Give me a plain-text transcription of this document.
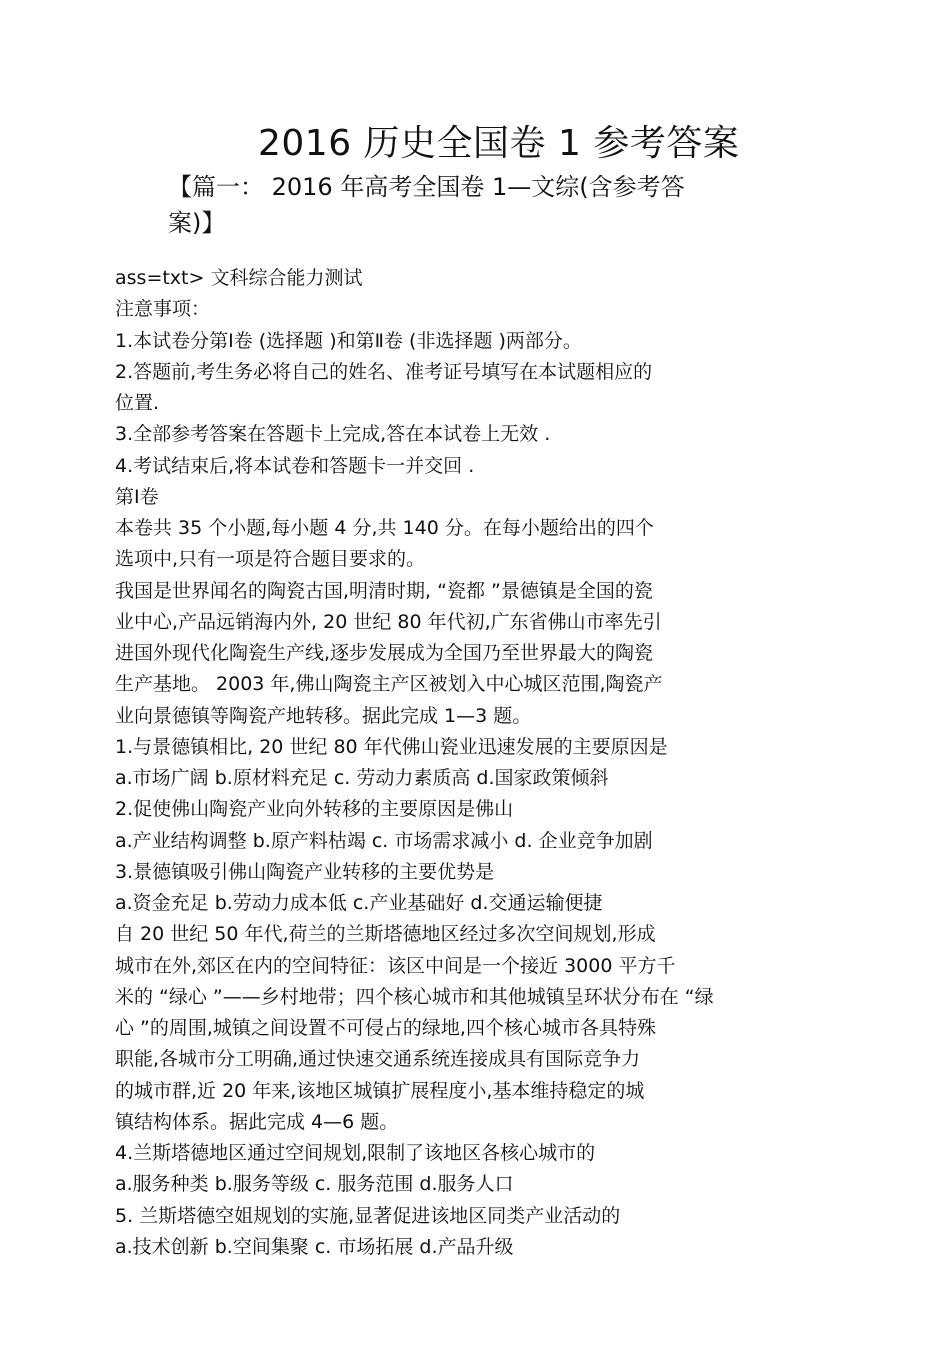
2016 历史全国卷 1 参考答案
【篇一： 2016 年高考全国卷 1—文综(含参考答
案)】
ass=txt> 文科综合能力测试
注意事项：
1.本试卷分第Ⅰ卷 (选择题 )和第Ⅱ卷 (非选择题 )两部分。
2.答题前,考生务必将自己的姓名、准考证号填写在本试题相应的
位置.
3.全部参考答案在答题卡上完成,答在本试卷上无效 .
4.考试结束后,将本试卷和答题卡一并交回 .
第Ⅰ卷
本卷共 35 个小题,每小题 4 分,共 140 分。在每小题给出的四个
选项中,只有一项是符合题目要求的。
我国是世界闻名的陶瓷古国,明清时期, “瓷都 ”景德镇是全国的瓷
业中心,产品远销海内外, 20 世纪 80 年代初,广东省佛山市率先引
进国外现代化陶瓷生产线,逐步发展成为全国乃至世界最大的陶瓷
生产基地。 2003 年,佛山陶瓷主产区被划入中心城区范围,陶瓷产
业向景德镇等陶瓷产地转移。据此完成 1—3 题。
1.与景德镇相比, 20 世纪 80 年代佛山瓷业迅速发展的主要原因是
a.市场广阔 b.原材料充足 c. 劳动力素质高 d.国家政策倾斜
2.促使佛山陶瓷产业向外转移的主要原因是佛山
a.产业结构调整 b.原产料枯竭 c. 市场需求减小 d. 企业竞争加剧
3.景德镇吸引佛山陶瓷产业转移的主要优势是
a.资金充足 b.劳动力成本低 c.产业基础好 d.交通运输便捷
自 20 世纪 50 年代,荷兰的兰斯塔德地区经过多次空间规划,形成
城市在外,郊区在内的空间特征：该区中间是一个接近 3000 平方千
米的 “绿心 ”——乡村地带；四个核心城市和其他城镇呈环状分布在 “绿
心 ”的周围,城镇之间设置不可侵占的绿地,四个核心城市各具特殊
职能,各城市分工明确,通过快速交通系统连接成具有国际竞争力
的城市群,近 20 年来,该地区城镇扩展程度小,基本维持稳定的城
镇结构体系。据此完成 4—6 题。
4.兰斯塔德地区通过空间规划,限制了该地区各核心城市的
a.服务种类 b.服务等级 c. 服务范围 d.服务人口
5. 兰斯塔德空姐规划的实施,显著促进该地区同类产业活动的
a.技术创新 b.空间集聚 c. 市场拓展 d.产品升级
